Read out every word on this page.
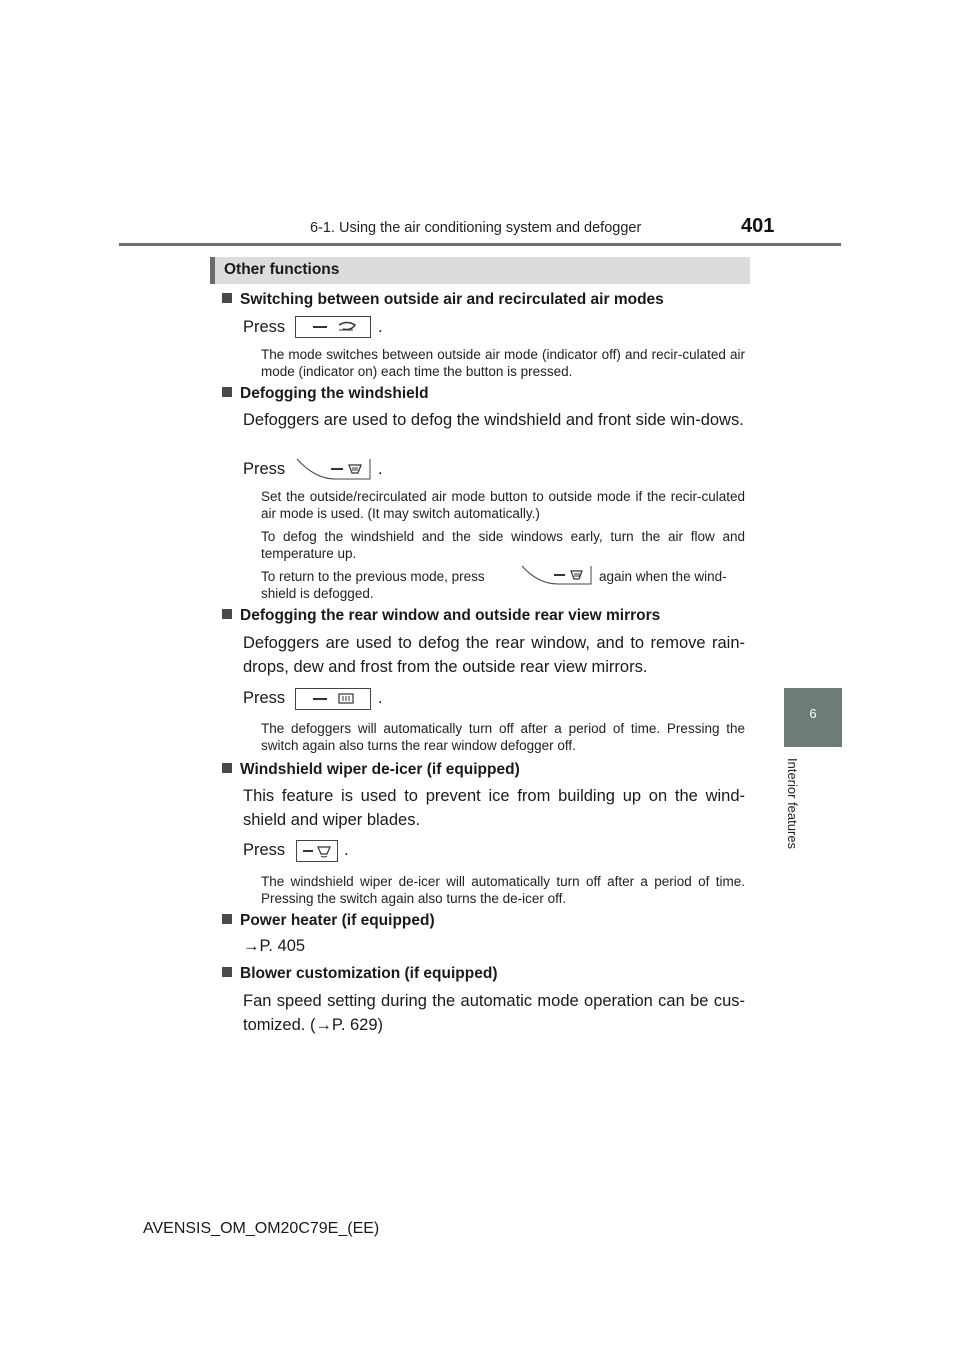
6-1. Using the air conditioning system and defogger	401
6
Interior features
Other functions
Switching between outside air and recirculated air modes
Press	.
The mode switches between outside air mode (indicator off) and recir-culated air mode (indicator on) each time the button is pressed.
Defogging the windshield
Defoggers are used to defog the windshield and front side win-dows.
Press	.
Set the outside/recirculated air mode button to outside mode if the recir-culated air mode is used. (It may switch automatically.)
To defog the windshield and the side windows early, turn the air flow and temperature up.
To return to the previous mode, press	again when the wind-
shield is defogged.
Defogging the rear window and outside rear view mirrors
Defoggers are used to defog the rear window, and to remove rain-drops, dew and frost from the outside rear view mirrors.
Press	.
The defoggers will automatically turn off after a period of time. Pressing the switch again also turns the rear window defogger off.
Windshield wiper de-icer (if equipped)
This feature is used to prevent ice from building up on the wind-shield and wiper blades.
Press	.
The windshield wiper de-icer will automatically turn off after a period of time. Pressing the switch again also turns the de-icer off.
Power heater (if equipped)
→P. 405
Blower customization (if equipped)
Fan speed setting during the automatic mode operation can be cus-tomized. (→P. 629)
AVENSIS_OM_OM20C79E_(EE)
